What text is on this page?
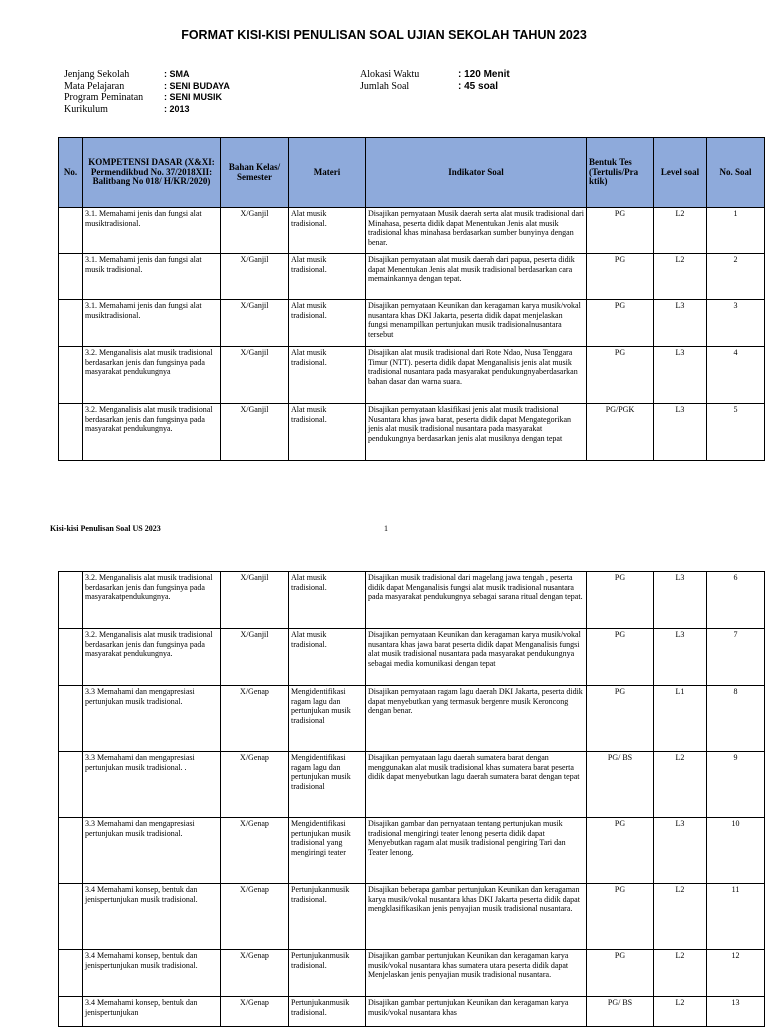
FORMAT KISI-KISI PENULISAN SOAL UJIAN SEKOLAH TAHUN 2023
Jenjang Sekolah	: SMA
Mata Pelajaran	: SENI BUDAYA
Program Peminatan	: SENI MUSIK
Kurikulum	: 2013
Alokasi Waktu	: 120 Menit
Jumlah Soal	: 45 soal
No.	KOMPETENSI DASAR (X&XI: Permendikbud No. 37/2018XII: Balitbang No 018/ H/KR/2020)	Bahan Kelas/ Semester	Materi	Indikator Soal	Bentuk Tes (Tertulis/Pra ktik)	Level soal	No. Soal
	3.1. Memahami jenis dan fungsi alat musiktradisional.	X/Ganjil	Alat musik tradisional.	Disajikan pernyataan Musik daerah serta alat musik tradisional dari Minahasa, peserta didik dapat Menentukan Jenis alat musik tradisional khas minahasa berdasarkan sumber bunyinya dengan benar.	PG	L2	1
	3.1. Memahami jenis dan fungsi alat musik tradisional.	X/Ganjil	Alat musik tradisional.	Disajikan pernyataan alat musik daerah dari papua, peserta didik dapat Menentukan Jenis alat musik tradisional berdasarkan cara memainkannya dengan tepat.	PG	L2	2
	3.1. Memahami jenis dan fungsi alat musiktradisional.	X/Ganjil	Alat musik tradisional.	Disajikan pernyataan Keunikan dan keragaman karya musik/vokal nusantara khas DKI Jakarta, peserta didik dapat menjelaskan fungsi menampilkan pertunjukan musik tradisionalnusantara tersebut	PG	L3	3
	3.2. Menganalisis alat musik tradisional berdasarkan jenis dan fungsinya pada masyarakat pendukungnya	X/Ganjil	Alat musik tradisional.	Disajikan alat musik tradisional dari Rote Ndao, Nusa Tenggara Timur (NTT). peserta didik dapat Menganalisis jenis alat musik tradisional nusantara pada masyarakat pendukungnyaberdasarkan bahan dasar dan warna suara.	PG	L3	4
	3.2. Menganalisis alat musik tradisional berdasarkan jenis dan fungsinya pada masyarakat pendukungnya.	X/Ganjil	Alat musik tradisional.	Disajikan pernyataan klasifikasi jenis alat musik tradisional Nusantara khas jawa barat, peserta didik dapat Mengategorikan jenis alat musik tradisional nusantara pada masyarakat pendukungnya berdasarkan jenis alat musiknya dengan tepat	PG/PGK	L3	5
Kisi-kisi Penulisan Soal US 2023	1
	3.2. Menganalisis alat musik tradisional berdasarkan jenis dan fungsinya pada masyarakatpendukungnya.	X/Ganjil	Alat musik tradisional.	Disajikan musik tradisional dari magelang jawa tengah , peserta didik dapat Menganalisis fungsi alat musik tradisional nusantara pada masyarakat pendukungnya sebagai sarana ritual dengan tepat.	PG	L3	6
	3.2. Menganalisis alat musik tradisional berdasarkan jenis dan fungsinya pada masyarakat pendukungnya.	X/Ganjil	Alat musik tradisional.	Disajikan pernyataan Keunikan dan keragaman karya musik/vokal nusantara khas jawa barat peserta didik dapat Menganalisis fungsi alat musik tradisional nusantara pada masyarakat pendukungnya sebagai media komunikasi dengan tepat	PG	L3	7
	3.3 Memahami dan mengapresiasi pertunjukan musik tradisional.	X/Genap	Mengidentifikasi ragam lagu dan pertunjukan musik tradisional	Disajikan pernyataan ragam lagu daerah DKI Jakarta, peserta didik dapat menyebutkan yang termasuk bergenre musik Keroncong dengan benar.	PG	L1	8
	3.3 Memahami dan mengapresiasi pertunjukan musik tradisional. .	X/Genap	Mengidentifikasi ragam lagu dan pertunjukan musik tradisional	Disajikan pernyataan lagu daerah sumatera barat dengan menggunakan alat musik tradisional khas sumatera barat peserta didik dapat menyebutkan lagu daerah sumatera barat dengan tepat	PG/ BS	L2	9
	3.3 Memahami dan mengapresiasi pertunjukan musik tradisional.	X/Genap	Mengidentifikasi pertunjukan musik tradisional yang mengiringi teater	Disajikan gambar dan pernyataan tentang pertunjukan musik tradisional mengiringi teater lenong peserta didik dapat Menyebutkan ragam alat musik tradisional pengiring Tari dan Teater lenong.	PG	L3	10
	3.4 Memahami konsep, bentuk dan jenispertunjukan musik tradisional.	X/Genap	Pertunjukanmusik tradisional.	Disajikan beberapa gambar pertunjukan Keunikan dan keragaman karya musik/vokal nusantara khas DKI Jakarta peserta didik dapat mengklasifikasikan jenis penyajian musik tradisional nusantara.	PG	L2	11
	3.4 Memahami konsep, bentuk dan jenispertunjukan musik tradisional.	X/Genap	Pertunjukanmusik tradisional.	Disajikan gambar pertunjukan Keunikan dan keragaman karya musik/vokal nusantara khas sumatera utara peserta didik dapat Menjelaskan jenis penyajian musik tradisional nusantara.	PG	L2	12
	3.4 Memahami konsep, bentuk dan jenispertunjukan	X/Genap	Pertunjukanmusik tradisional.	Disajikan gambar pertunjukan Keunikan dan keragaman karya musik/vokal nusantara khas	PG/ BS	L2	13
